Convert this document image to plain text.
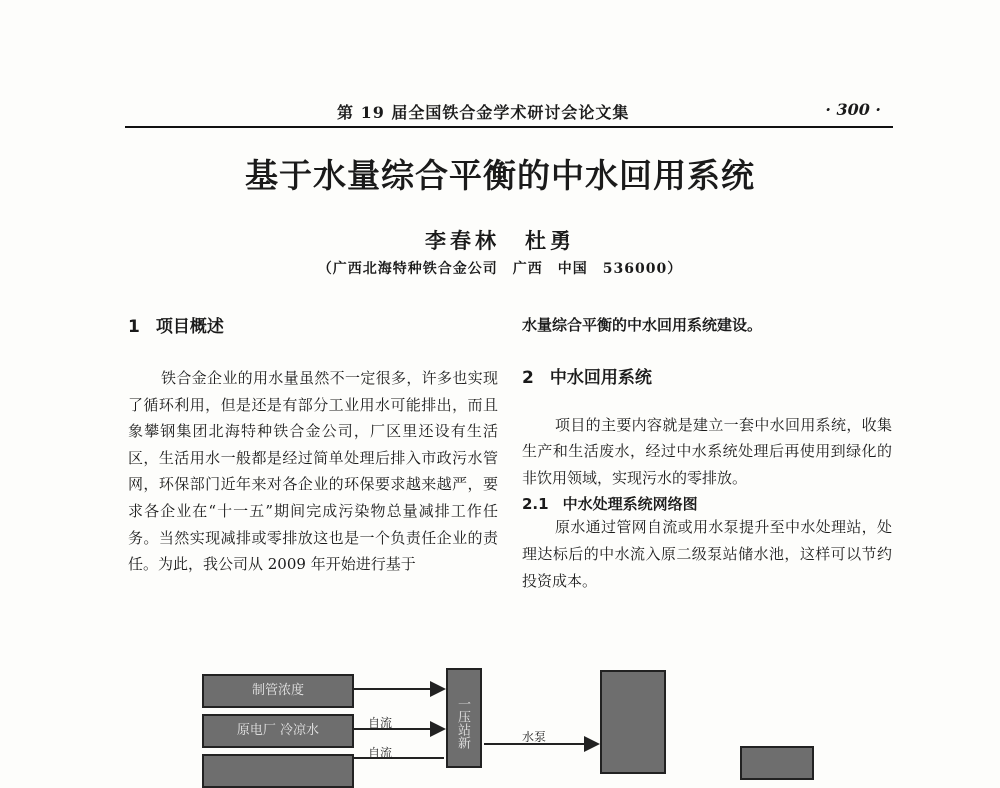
第 19 届全国铁合金学术研讨会论文集	· 300 ·
基于水量综合平衡的中水回用系统
李春林　杜勇
（广西北海特种铁合金公司　广西　中国　536000）
1 项目概述

铁合金企业的用水量虽然不一定很多，许多也实现了循环利用，但是还是有部分工业用水可能排出，而且象攀钢集团北海特种铁合金公司，厂区里还设有生活区，生活用水一般都是经过简单处理后排入市政污水管网，环保部门近年来对各企业的环保要求越来越严，要求各企业在“十一五”期间完成污染物总量减排工作任务。当然实现减排或零排放这也是一个负责任企业的责任。为此，我公司从 2009 年开始进行基于

水量综合平衡的中水回用系统建设。

2 中水回用系统

项目的主要内容就是建立一套中水回用系统，收集生产和生活废水，经过中水系统处理后再使用到绿化的非饮用领域，实现污水的零排放。

2.1 中水处理系统网络图

原水通过管网自流或用水泵提升至中水处理站，处理达标后的中水流入原二级泵站储水池，这样可以节约投资成本。

制管浓度
原电厂 冷凉水	一压站新
自流
自流
水泵
